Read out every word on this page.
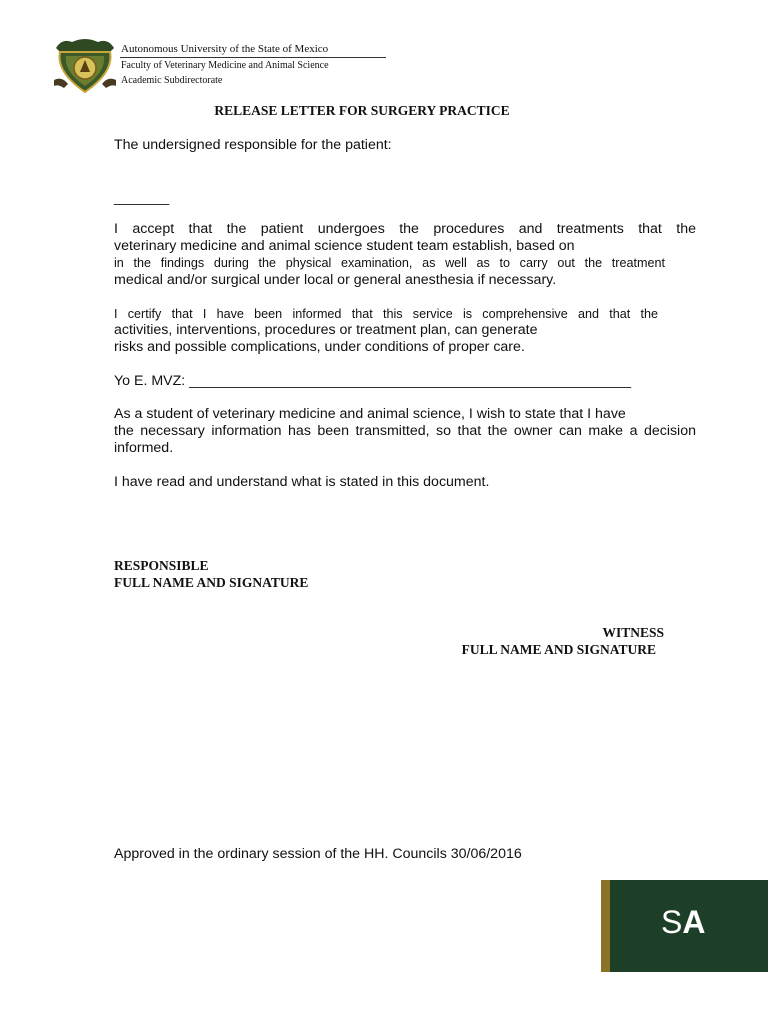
Autonomous University of the State of Mexico
Faculty of Veterinary Medicine and Animal Science
Academic Subdirectorate
RELEASE LETTER FOR SURGERY PRACTICE

The undersigned responsible for the patient:

_______

I accept that the patient undergoes the procedures and treatments that the

veterinary medicine and animal science student team establish, based on

in the findings during the physical examination, as well as to carry out the treatment

medical and/or surgical under local or general anesthesia if necessary.

I certify that I have been informed that this service is comprehensive and that the

activities, interventions, procedures or treatment plan, can generate

risks and possible complications, under conditions of proper care.

Yo E. MVZ: ________________________________________________________

As a student of veterinary medicine and animal science, I wish to state that I have

the necessary information has been transmitted, so that the owner can make a decision

informed.

I have read and understand what is stated in this document.

RESPONSIBLE
FULL NAME AND SIGNATURE
WITNESS
FULL NAME AND SIGNATURE

Approved in the ordinary session of the HH. Councils 30/06/2016

SA
